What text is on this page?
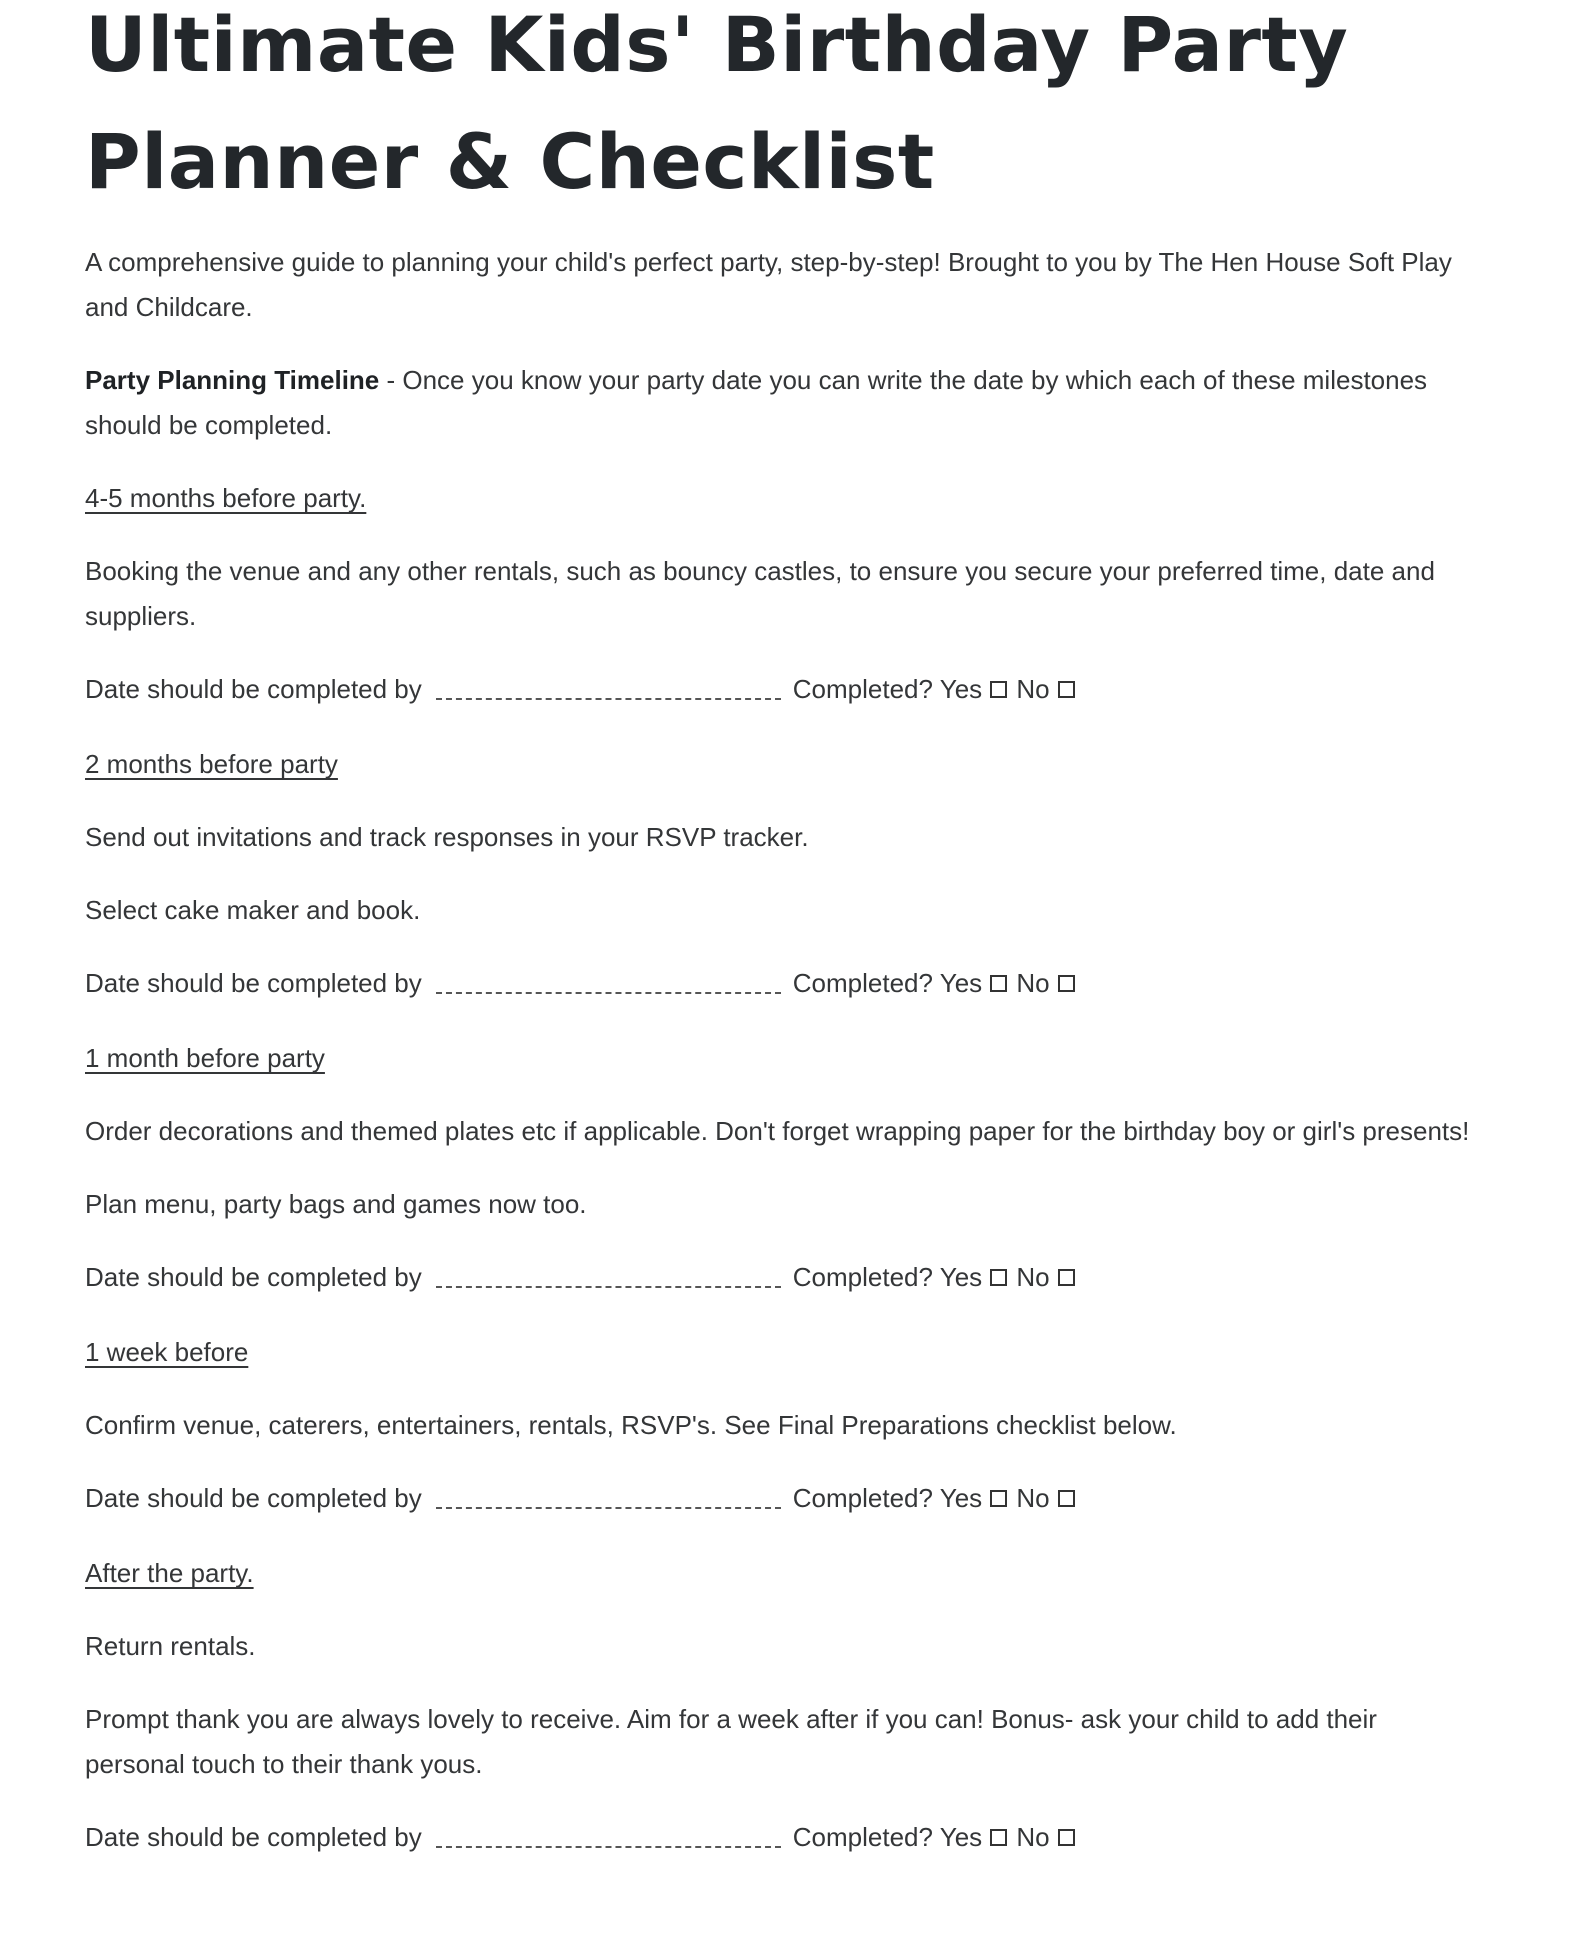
Ultimate Kids' Birthday Party
Planner & Checklist

A comprehensive guide to planning your child's perfect party, step-by-step! Brought to you by The Hen House Soft Play and Childcare.

Party Planning Timeline - Once you know your party date you can write the date by which each of these milestones should be completed.

4-5 months before party.

Booking the venue and any other rentals, such as bouncy castles, to ensure you secure your preferred time, date and suppliers.

Date should be completed by	Completed? Yes No

2 months before party

Send out invitations and track responses in your RSVP tracker.

Select cake maker and book.

Date should be completed by	Completed? Yes No

1 month before party

Order decorations and themed plates etc if applicable. Don't forget wrapping paper for the birthday boy or girl's presents!

Plan menu, party bags and games now too.

Date should be completed by	Completed? Yes No

1 week before

Confirm venue, caterers, entertainers, rentals, RSVP's. See Final Preparations checklist below.

Date should be completed by	Completed? Yes No

After the party.

Return rentals.

Prompt thank you are always lovely to receive. Aim for a week after if you can! Bonus- ask your child to add their personal touch to their thank yous.

Date should be completed by	Completed? Yes No
